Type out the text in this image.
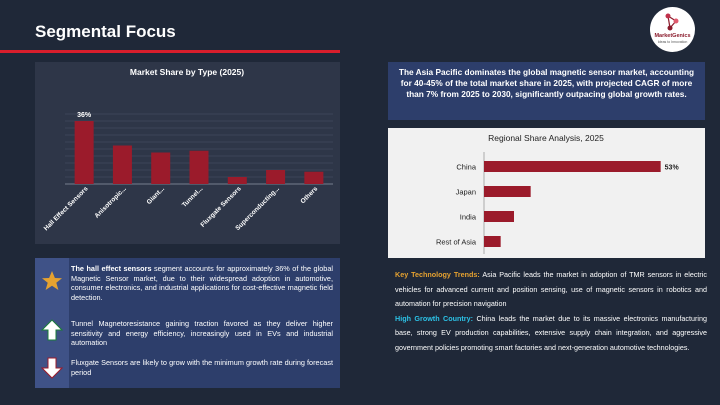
Segmental Focus	MarketGenics
Ideas to Innovation
Market Share by Type (2025)
36%
Hall Effect Sensors Anisotropic...	Giant... Tunnel...
Fluxgate Sensors
Superconducting...	Others
The hall effect sensors segment accounts for approximately 36% of the global Magnetic Sensor market, due to their widespread adoption in automotive, consumer electronics, and industrial applications for cost-effective magnetic field detection.
Tunnel Magnetoresistance gaining traction favored as they deliver higher sensitivity and energy efficiency, increasingly used in EVs and industrial automation
Fluxgate Sensors are likely to grow with the minimum growth rate during forecast period
The Asia Pacific dominates the global magnetic sensor market, accounting for 40-45% of the total market share in 2025, with projected CAGR of more than 7% from 2025 to 2030, significantly outpacing global growth rates.
Regional Share Analysis, 2025
China	53%
Japan
India
Rest of Asia

Key Technology Trends: Asia Pacific leads the market in adoption of TMR sensors in electric vehicles for advanced current and position sensing, use of magnetic sensors in robotics and automation for precision navigation

High Growth Country: China leads the market due to its massive electronics manufacturing base, strong EV production capabilities, extensive supply chain integration, and aggressive government policies promoting smart factories and next-generation automotive technologies.
